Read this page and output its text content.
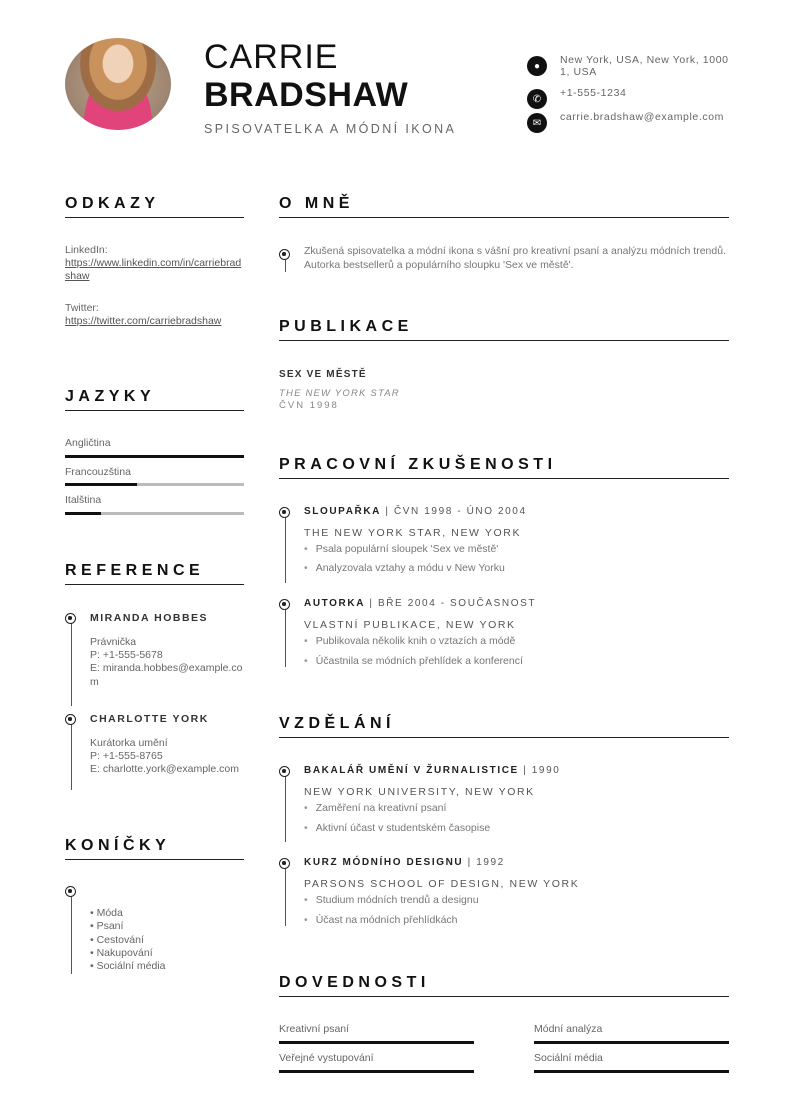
CARRIE
BRADSHAW
SPISOVATELKA A MÓDNÍ IKONA
●	New York, USA, New York, 10001, USA
✆	+1-555-1234
✉	carrie.bradshaw@example.com
ODKAZY
LinkedIn:
https://www.linkedin.com/in/carriebradshaw
Twitter:
https://twitter.com/carriebradshaw
JAZYKY
Angličtina
Francouzština
Italština
REFERENCE
MIRANDA HOBBES
Právnička
P: +1-555-5678
E: miranda.hobbes@example.com
CHARLOTTE YORK
Kurátorka umění
P: +1-555-8765
E: charlotte.york@example.com
KONÍČKY
• Móda
• Psaní
• Cestování
• Nakupování
• Sociální média
O MNĚ
Zkušená spisovatelka a módní ikona s vášní pro kreativní psaní a analýzu módních trendů. Autorka bestsellerů a populárního sloupku 'Sex ve městě'.
PUBLIKACE
SEX VE MĚSTĚ
THE NEW YORK STAR
ČVN 1998
PRACOVNÍ ZKUŠENOSTI
SLOUPAŘKA | ČVN 1998 - ÚNO 2004
THE NEW YORK STAR, NEW YORK
• Psala populární sloupek 'Sex ve městě'
• Analyzovala vztahy a módu v New Yorku
AUTORKA | BŘE 2004 - SOUČASNOST
VLASTNÍ PUBLIKACE, NEW YORK
• Publikovala několik knih o vztazích a módě
• Účastnila se módních přehlídek a konferencí
VZDĚLÁNÍ
BAKALÁŘ UMĚNÍ V ŽURNALISTICE | 1990
NEW YORK UNIVERSITY, NEW YORK
• Zaměření na kreativní psaní
• Aktivní účast v studentském časopise
KURZ MÓDNÍHO DESIGNU | 1992
PARSONS SCHOOL OF DESIGN, NEW YORK
• Studium módních trendů a designu
• Účast na módních přehlídkách
DOVEDNOSTI
Kreativní psaní	Módní analýza
Veřejné vystupování	Sociální média
